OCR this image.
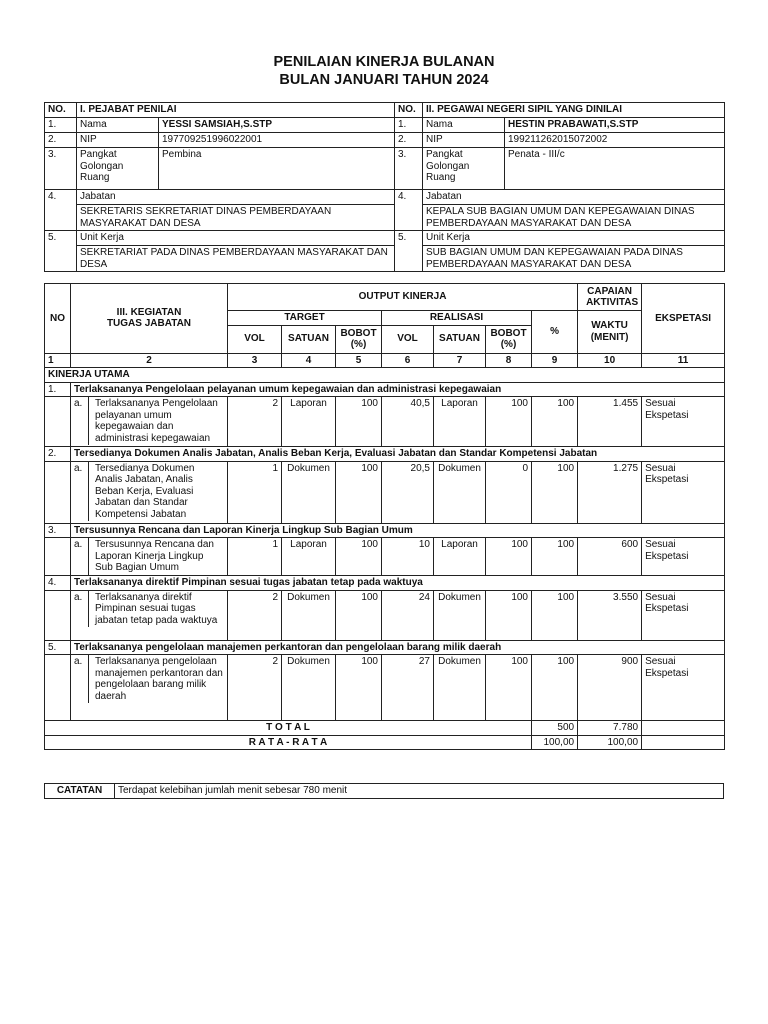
PENILAIAN KINERJA BULANAN
BULAN JANUARI TAHUN 2024
NO.	I. PEJABAT PENILAI		NO.	II. PEGAWAI NEGERI SIPIL YANG DINILAI	
1.	Nama	YESSI SAMSIAH,S.STP	1.	Nama	HESTIN PRABAWATI,S.STP
2.	NIP	197709251996022001	2.	NIP	199211262015072002
3.	Pangkat Golongan Ruang	Pembina	3.	Pangkat Golongan Ruang	Penata - III/c
4.	Jabatan		4.	Jabatan	
	SEKRETARIS SEKRETARIAT DINAS PEMBERDAYAAN MASYARAKAT DAN DESA			KEPALA SUB BAGIAN UMUM DAN KEPEGAWAIAN DINAS PEMBERDAYAAN MASYARAKAT DAN DESA	
5.	Unit Kerja		5.	Unit Kerja	
	SEKRETARIAT PADA DINAS PEMBERDAYAAN MASYARAKAT DAN DESA			SUB BAGIAN UMUM DAN KEPEGAWAIAN PADA DINAS PEMBERDAYAAN MASYARAKAT DAN DESA	
NO	III. KEGIATAN TUGAS JABATAN	OUTPUT KINERJA							CAPAIAN AKTIVITAS	EKSPETASI
		TARGET			REALISASI			%	WAKTU (MENIT)	
		VOL	SATUAN	BOBOT (%)	VOL	SATUAN	BOBOT (%)			
1	2	3	4	5	6	7	8	9	10	11
KINERJA UTAMA										
1.	Terlaksananya Pengelolaan pelayanan umum kepegawaian dan administrasi kepegawaian									

	a. Terlaksananya Pengelolaan pelayanan umum kepegawaian dan administrasi kepegawaian	2	Laporan	100	40,5	Laporan	100	100	1.455	Sesuai Ekspetasi
2.	Tersedianya Dokumen Analis Jabatan, Analis Beban Kerja, Evaluasi Jabatan dan Standar Kompetensi Jabatan									

	a. Tersedianya Dokumen Analis Jabatan, Analis Beban Kerja, Evaluasi Jabatan dan Standar Kompetensi Jabatan	1	Dokumen	100	20,5	Dokumen	0	100	1.275	Sesuai Ekspetasi
3.	Tersusunnya Rencana dan Laporan Kinerja Lingkup Sub Bagian Umum									

	a. Tersusunnya Rencana dan Laporan Kinerja Lingkup Sub Bagian Umum	1	Laporan	100	10	Laporan	100	100	600	Sesuai Ekspetasi
4.	Terlaksananya direktif Pimpinan sesuai tugas jabatan tetap pada waktuya									

	a. Terlaksananya direktif Pimpinan sesuai tugas jabatan tetap pada waktuya	2	Dokumen	100	24	Dokumen	100	100	3.550	Sesuai Ekspetasi
5.	Terlaksananya pengelolaan manajemen perkantoran dan pengelolaan barang milik daerah									

	a. Terlaksananya pengelolaan manajemen perkantoran dan pengelolaan barang milik daerah	2	Dokumen	100	27	Dokumen	100	100	900	Sesuai Ekspetasi
T O T A L								500	7.780	
R A T A - R A T A								100,00	100,00	
CATATAN	Terdapat kelebihan jumlah menit sebesar 780 menit
